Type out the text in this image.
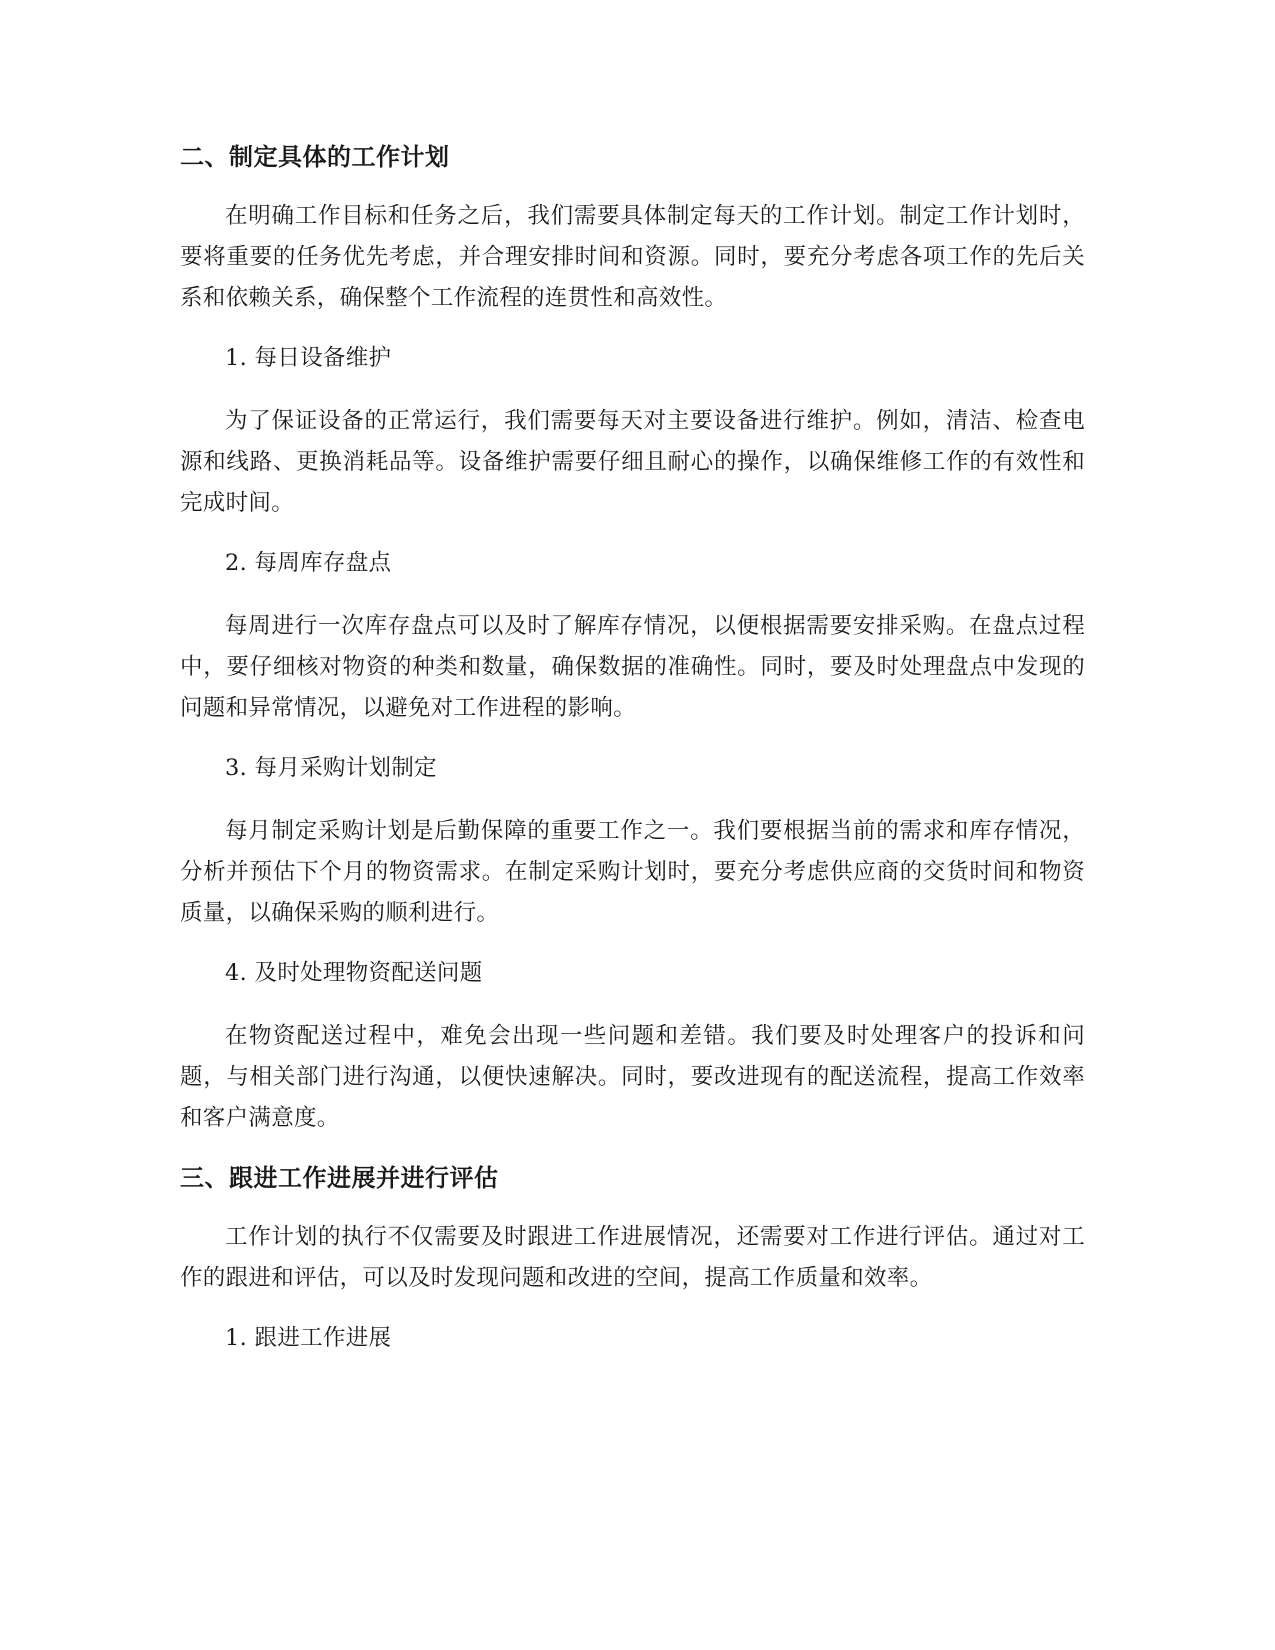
二、制定具体的工作计划

在明确工作目标和任务之后，我们需要具体制定每天的工作计划。制定工作计划时，要将重要的任务优先考虑，并合理安排时间和资源。同时，要充分考虑各项工作的先后关系和依赖关系，确保整个工作流程的连贯性和高效性。

1. 每日设备维护

为了保证设备的正常运行，我们需要每天对主要设备进行维护。例如，清洁、检查电源和线路、更换消耗品等。设备维护需要仔细且耐心的操作，以确保维修工作的有效性和完成时间。

2. 每周库存盘点

每周进行一次库存盘点可以及时了解库存情况，以便根据需要安排采购。在盘点过程中，要仔细核对物资的种类和数量，确保数据的准确性。同时，要及时处理盘点中发现的问题和异常情况，以避免对工作进程的影响。

3. 每月采购计划制定

每月制定采购计划是后勤保障的重要工作之一。我们要根据当前的需求和库存情况，分析并预估下个月的物资需求。在制定采购计划时，要充分考虑供应商的交货时间和物资质量，以确保采购的顺利进行。

4. 及时处理物资配送问题

在物资配送过程中，难免会出现一些问题和差错。我们要及时处理客户的投诉和问题，与相关部门进行沟通，以便快速解决。同时，要改进现有的配送流程，提高工作效率和客户满意度。

三、跟进工作进展并进行评估

工作计划的执行不仅需要及时跟进工作进展情况，还需要对工作进行评估。通过对工作的跟进和评估，可以及时发现问题和改进的空间，提高工作质量和效率。

1. 跟进工作进展
